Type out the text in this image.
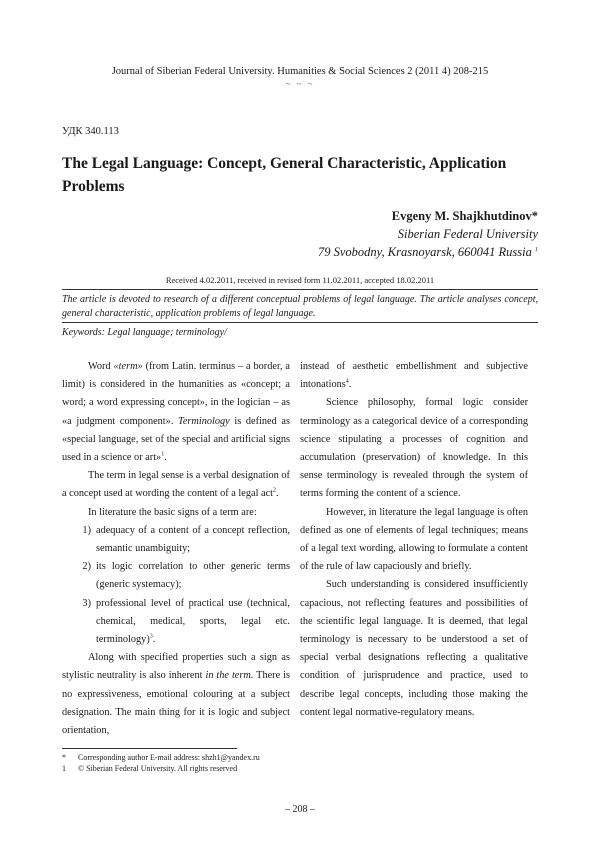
Journal of Siberian Federal University. Humanities & Social Sciences 2 (2011 4) 208-215
~ ~ ~
УДК 340.113
The Legal Language: Concept, General Characteristic, Application Problems
Evgeny M. Shajkhutdinov*
Siberian Federal University
79 Svobodny, Krasnoyarsk, 660041 Russia $^1$
Received 4.02.2011, received in revised form 11.02.2011, accepted 18.02.2011
The article is devoted to research of a different conceptual problems of legal language. The article analyses concept, general characteristic, application problems of legal language.
Keywords: Legal language; terminology/

Word «term» (from Latin. terminus – a border, a limit) is considered in the humanities as «concept; a word; a word expressing concept», in the logician – as «a judgment component». Terminology is defined as «special language, set of the special and artificial signs used in a science or art»$^1$.

The term in legal sense is a verbal designation of a concept used at wording the content of a legal act$^2$.

In literature the basic signs of a term are:

1) adequacy of a content of a concept reflection, semantic unambiguity;
2) its logic correlation to other generic terms (generic systemacy);
3) professional level of practical use (technical, chemical, medical, sports, legal etc. terminology)$^3$.

Along with specified properties such a sign as stylistic neutrality is also inherent in the term. There is no expressiveness, emotional colouring at a subject designation. The main thing for it is logic and subject orientation,

instead of aesthetic embellishment and subjective intonations$^4$.

Science philosophy, formal logic consider terminology as a categorical device of a corresponding science stipulating a processes of cognition and accumulation (preservation) of knowledge. In this sense terminology is revealed through the system of terms forming the content of a science.

However, in literature the legal language is often defined as one of elements of legal techniques; means of a legal text wording, allowing to formulate a content of the rule of law capaciously and briefly.

Such understanding is considered insufficiently capacious, not reflecting features and possibilities of the scientific legal language. It is deemed, that legal terminology is necessary to be understood a set of special verbal designations reflecting a qualitative condition of jurisprudence and practice, used to describe legal concepts, including those making the content legal normative-regulatory means.

*	Corresponding author E-mail address: shzh1@yandex.ru
1	© Siberian Federal University. All rights reserved
– 208 –
